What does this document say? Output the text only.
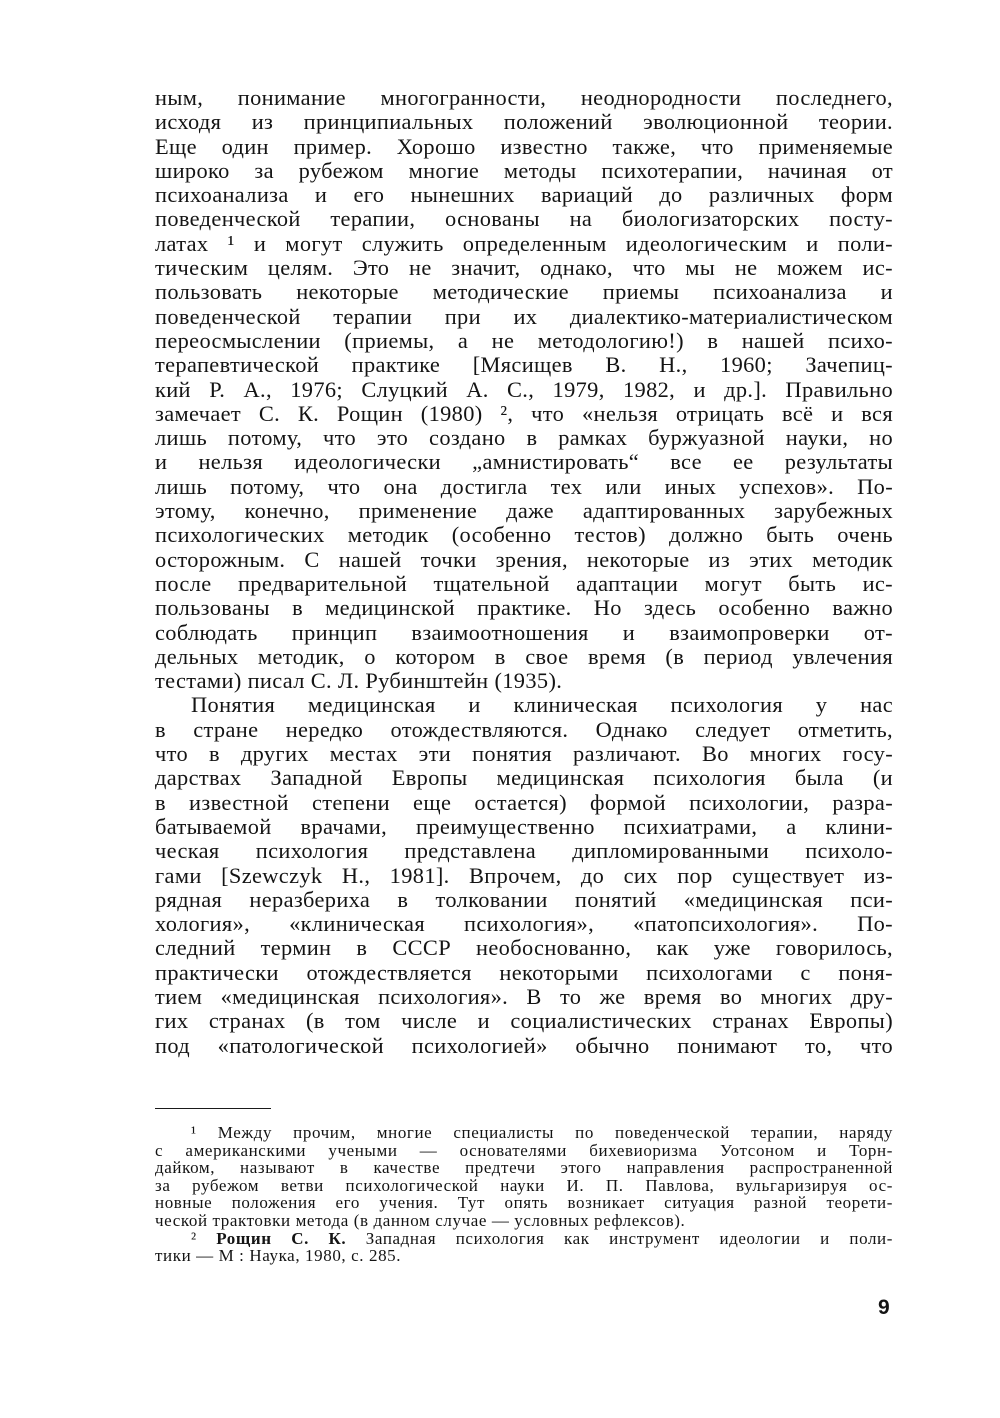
ным, понимание многогранности, неоднородности последнего,
исходя из принципиальных положений эволюционной теории.
Еще один пример. Хорошо известно также, что применяемые
широко за рубежом многие методы психотерапии, начиная от
психоанализа и его нынешних вариаций до различных форм
поведенческой терапии, основаны на биологизаторских посту-
латах ¹ и могут служить определенным идеологическим и поли-
тическим целям. Это не значит, однако, что мы не можем ис-
пользовать некоторые методические приемы психоанализа и
поведенческой терапии при их диалектико-материалистическом
переосмыслении (приемы, а не методологию!) в нашей психо-
терапевтической практике [Мясищев В. Н., 1960; Зачепиц-
кий Р. А., 1976; Слуцкий А. С., 1979, 1982, и др.]. Правильно
замечает С. К. Рощин (1980) ², что «нельзя отрицать всё и вся
лишь потому, что это создано в рамках буржуазной науки, но
и нельзя идеологически „амнистировать“ все ее результаты
лишь потому, что она достигла тех или иных успехов». По-
этому, конечно, применение даже адаптированных зарубежных
психологических методик (особенно тестов) должно быть очень
осторожным. С нашей точки зрения, некоторые из этих методик
после предварительной тщательной адаптации могут быть ис-
пользованы в медицинской практике. Но здесь особенно важно
соблюдать принцип взаимоотношения и взаимопроверки от-
дельных методик, о котором в свое время (в период увлечения
тестами) писал С. Л. Рубинштейн (1935).
Понятия медицинская и клиническая психология у нас
в стране нередко отождествляются. Однако следует отметить,
что в других местах эти понятия различают. Во многих госу-
дарствах Западной Европы медицинская психология была (и
в известной степени еще остается) формой психологии, разра-
батываемой врачами, преимущественно психиатрами, а клини-
ческая психология представлена дипломированными психоло-
гами [Szewczyk H., 1981]. Впрочем, до сих пор существует из-
рядная неразбериха в толковании понятий «медицинская пси-
хология», «клиническая психология», «патопсихология». По-
следний термин в СССР необоснованно, как уже говорилось,
практически отождествляется некоторыми психологами с поня-
тием «медицинская психология». В то же время во многих дру-
гих странах (в том числе и социалистических странах Европы)
под «патологической психологией» обычно понимают то, что
¹ Между прочим, многие специалисты по поведенческой терапии, наряду
с американскими учеными — основателями бихевиоризма Уотсоном и Торн-
дайком, называют в качестве предтечи этого направления распространенной
за рубежом ветви психологической науки И. П. Павлова, вульгаризируя ос-
новные положения его учения. Тут опять возникает ситуация разной теорети-
ческой трактовки метода (в данном случае — условных рефлексов).
² Рощин С. К. Западная психология как инструмент идеологии и поли-
тики — М : Наука, 1980, с. 285.
9
